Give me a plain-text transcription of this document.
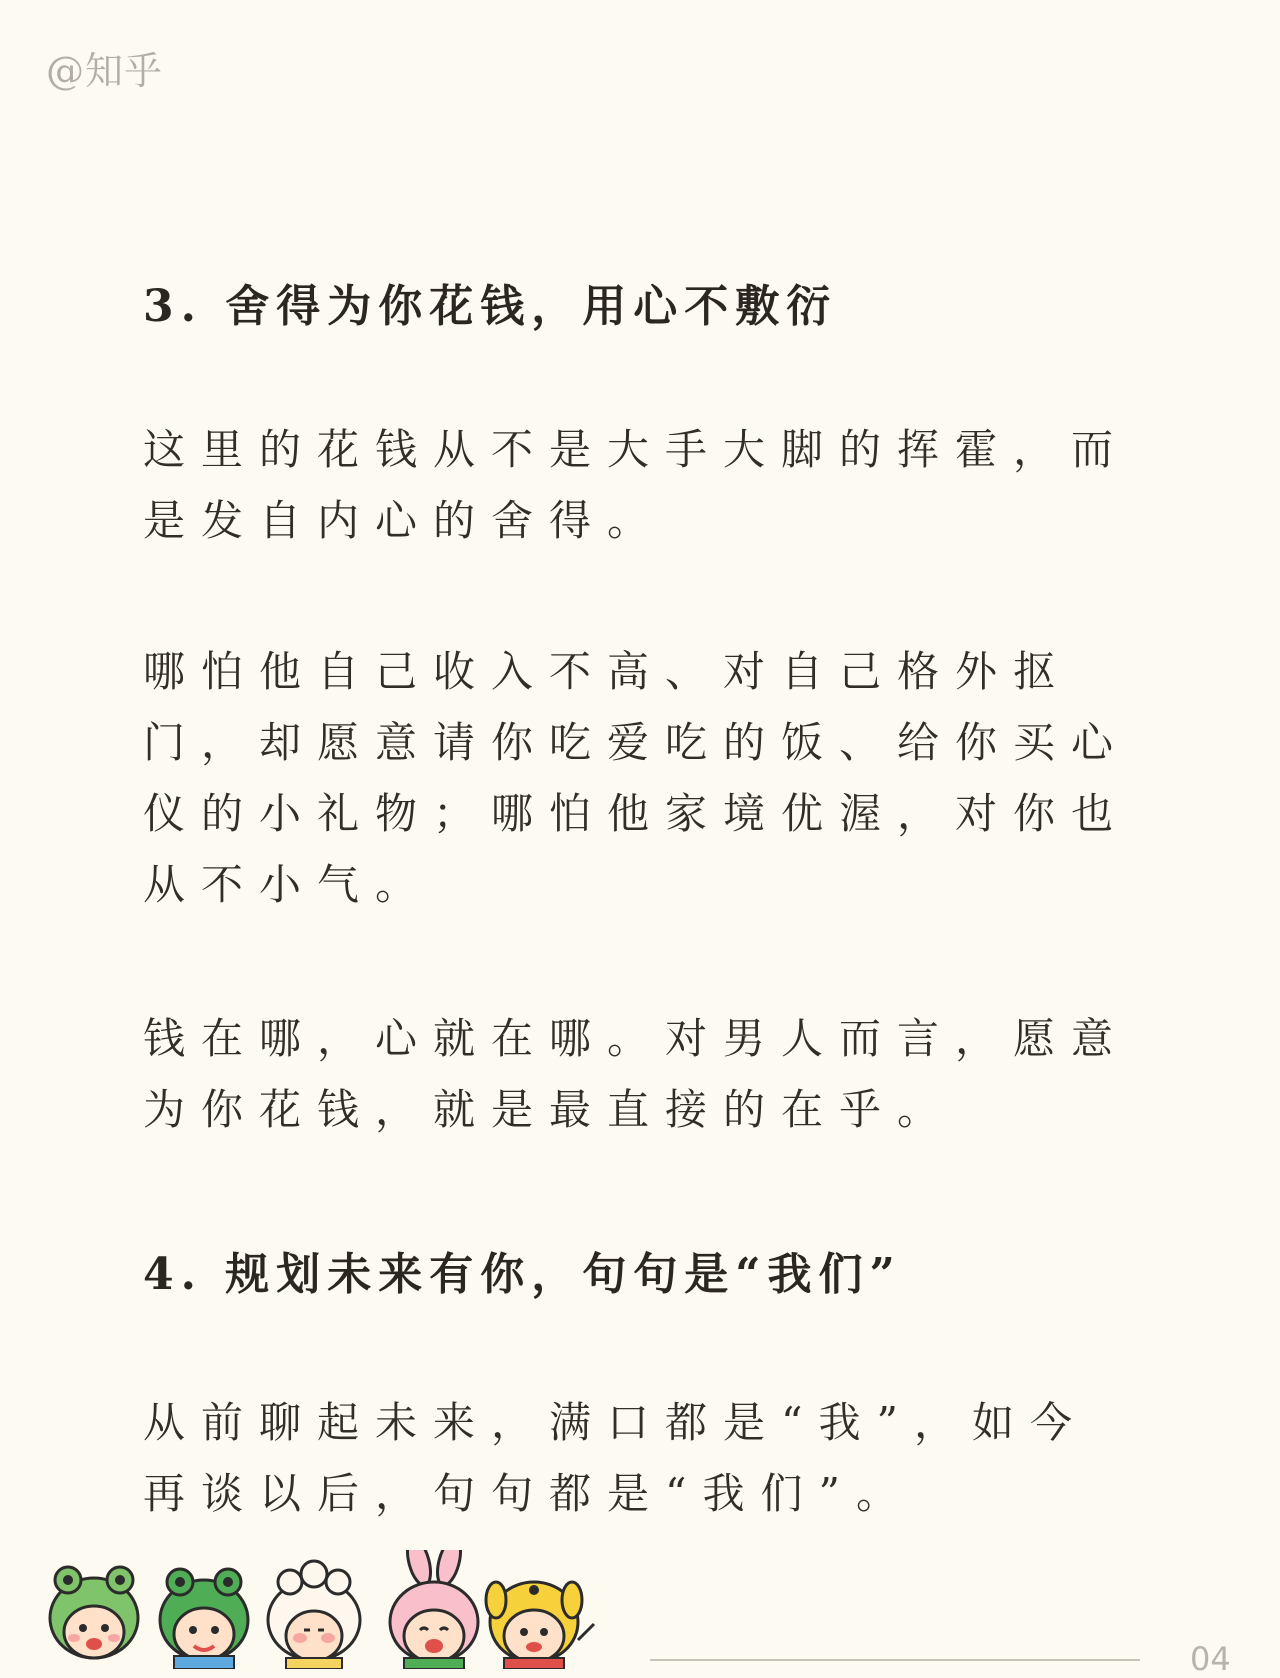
@知乎
3. 舍得为你花钱，用心不敷衍

这里的花钱从不是大手大脚的挥霍，而是发自内心的舍得。

哪怕他自己收入不高、对自己格外抠门，却愿意请你吃爱吃的饭、给你买心仪的小礼物；哪怕他家境优渥，对你也从不小气。

钱在哪，心就在哪。对男人而言，愿意为你花钱，就是最直接的在乎。

4. 规划未来有你，句句是“我们”

从前聊起未来，满口都是“我”，如今再谈以后，句句都是“我们”。

04
